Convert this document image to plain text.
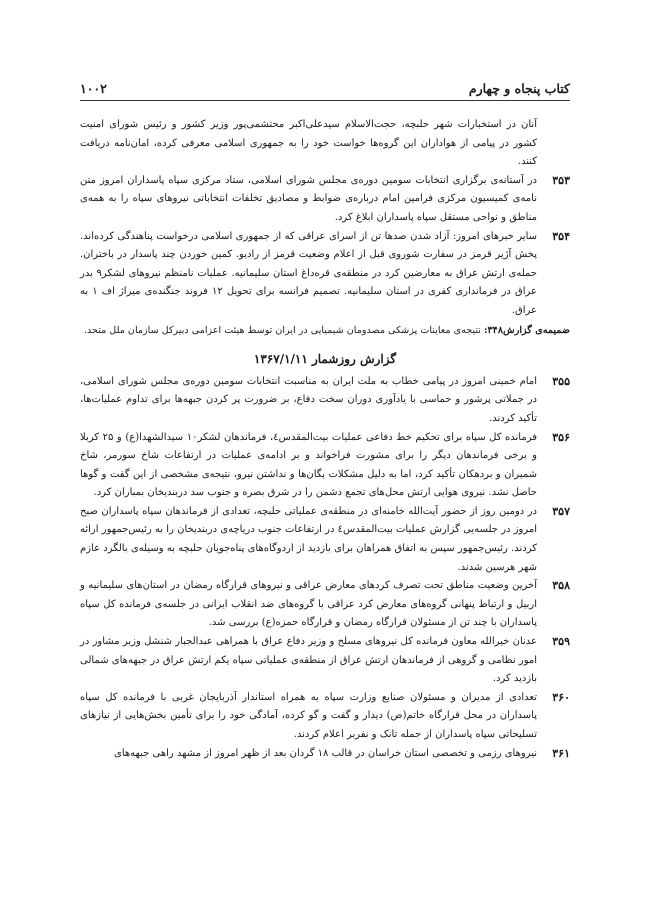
کتاب پنجاه و چهارم
۱۰۰۲

آنان در استخبارات شهر حلبچه، حجت‌الاسلام سیدعلی‌اکبر محتشمی‌پور وزیر کشور و رئیس شورای امنیت کشور در پیامی از هواداران این گروه‌ها خواست خود را به جمهوری اسلامی معرفی کرده، امان‌نامه دریافت کنند.

۳۵۳
در آستانه‌ی برگزاری انتخابات سومین دوره‌ی مجلس شورای اسلامی، ستاد مرکزی سپاه پاسداران امروز متن نامه‌ی کمیسیون مرکزی فرامین امام درباره‌ی ضوابط و مصادیق تخلفات انتخاباتی نیروهای سپاه را به همه‌ی مناطق و نواحی مستقل سپاه پاسداران ابلاغ کرد.
۳۵۴
سایر خبرهای امروز: آزاد شدن صدها تن از اسرای عراقی که از جمهوری اسلامی درخواست پناهندگی کرده‌اند. پخش آژیر قرمز در سفارت شوروی قبل از اعلام وضعیت قرمز از رادیو. کمین خوردن چند پاسدار در باختران. حمله‌ی ارتش عراق به معارضین کرد در منطقه‌ی قره‌داغ استان سلیمانیه. عملیات نامنظم نیروهای لشکر۹ بدر عراق در فرمانداری کفری در استان سلیمانیه. تصمیم فرانسه برای تحویل ۱۲ فروند جنگنده‌ی میراژ اف ۱ به عراق.

ضمیمه‌ی گزارش۳۴۸: نتیجه‌ی معاینات پزشکی مصدومان شیمیایی در ایران توسط هیئت اعزامی دبیرکل سازمان ملل متحد.

گزارش روزشمار ۱۳۶۷/۱/۱۱
۳۵۵
امام خمینی امروز در پیامی خطاب به ملت ایران به مناسبت انتخابات سومین دوره‌ی مجلس شورای اسلامی، در جملاتی پرشور و حماسی با یادآوری دوران سخت دفاع، بر ضرورت پر کردن جبهه‌ها برای تداوم عملیات‌ها، تأکید کردند.
۳۵۶
فرمانده کل سپاه برای تحکیم خط دفاعی عملیات بیت‌المقدس٤، فرماندهان لشکر۱۰ سیدالشهدا(ع) و ۲۵ کربلا و برخی فرماندهان دیگر را برای مشورت فراخواند و بر ادامه‌ی عملیات در ارتفاعات شاخ سورمر، شاخ شمیران و بردهکان تأکید کرد، اما به دلیل مشکلات یگان‌ها و نداشتن نیرو، نتیجه‌ی مشخصی از این گفت و گوها حاصل نشد. نیروی هوایی ارتش محل‌های تجمع دشمن را در شرق بصره و جنوب سد دربندیخان بمباران کرد.
۳۵۷
در دومین روز از حضور آیت‌الله خامنه‌ای در منطقه‌ی عملیاتی حلبچه، تعدادی از فرماندهان سپاه پاسداران صبح امروز در جلسه‌یی گزارش عملیات بیت‌المقدس٤ در ارتفاعات جنوب دریاچه‌ی دربندیخان را به رئیس‌جمهور ارائه کردند. رئیس‌جمهور سپس به اتفاق همراهان برای بازدید از اردوگاه‌های پناه‌جویان حلبچه به وسیله‌ی بالگرد عازم شهر هرسین شدند.
۳۵۸
آخرین وضعیت مناطق تحت تصرف کردهای معارض عراقی و نیروهای قرارگاه رمضان در استان‌های سلیمانیه و اربیل و ارتباط پنهانی گروه‌های معارض کرد عراقی با گروه‌های ضد انقلاب ایرانی در جلسه‌ی فرمانده کل سپاه پاسداران با چند تن از مسئولان قرارگاه رمضان و قرارگاه حمزه(ع) بررسی شد.
۳۵۹
عدنان خیرالله معاون فرمانده کل نیروهای مسلح و وزیر دفاع عراق با همراهی عبدالجبار شنشل وزیر مشاور در امور نظامی و گروهی از فرماندهان ارتش عراق از منطقه‌ی عملیاتی سپاه یکم ارتش عراق در جبهه‌های شمالی بازدید کرد.
۳۶۰
تعدادی از مدیران و مسئولان صنایع وزارت سپاه به همراه استاندار آذربایجان غربی با فرمانده کل سپاه پاسداران در محل قرارگاه خاتم(ص) دیدار و گفت و گو کرده، آمادگی خود را برای تأمین بخش‌هایی از نیازهای تسلیحاتی سپاه پاسداران از جمله تانک و نفربر اعلام کردند.
۳۶۱
نیروهای رزمی و تخصصی استان خراسان در قالب ۱۸ گردان بعد از ظهر امروز از مشهد راهی جبهه‌های
